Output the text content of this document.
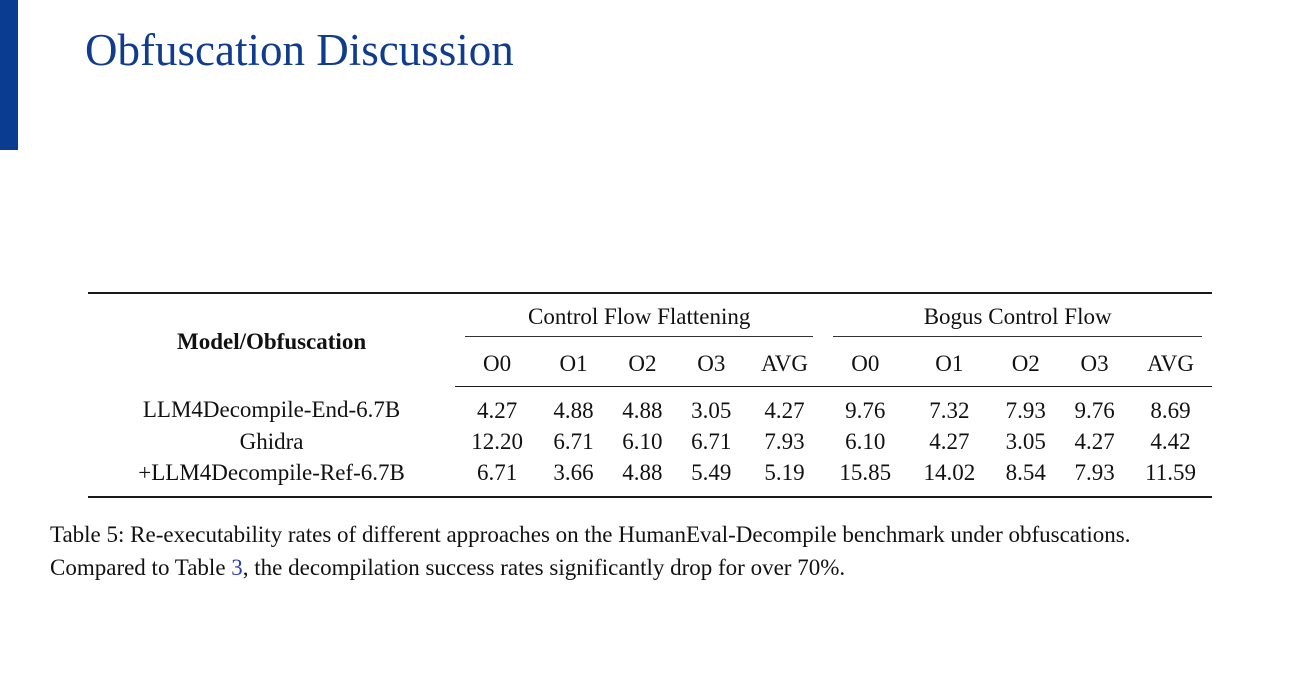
Obfuscation Discussion
Model/Obfuscation	Control Flow Flattening					Bogus Control Flow				

	O0	O1	O2	O3	AVG	O0	O1	O2	O3	AVG
LLM4Decompile-End-6.7B	4.27	4.88	4.88	3.05	4.27	9.76	7.32	7.93	9.76	8.69
Ghidra	12.20	6.71	6.10	6.71	7.93	6.10	4.27	3.05	4.27	4.42
+LLM4Decompile-Ref-6.7B	6.71	3.66	4.88	5.49	5.19	15.85	14.02	8.54	7.93	11.59
Table 5: Re-executability rates of different approaches on the HumanEval-Decompile benchmark under obfuscations.
Compared to Table 3, the decompilation success rates significantly drop for over 70%.
